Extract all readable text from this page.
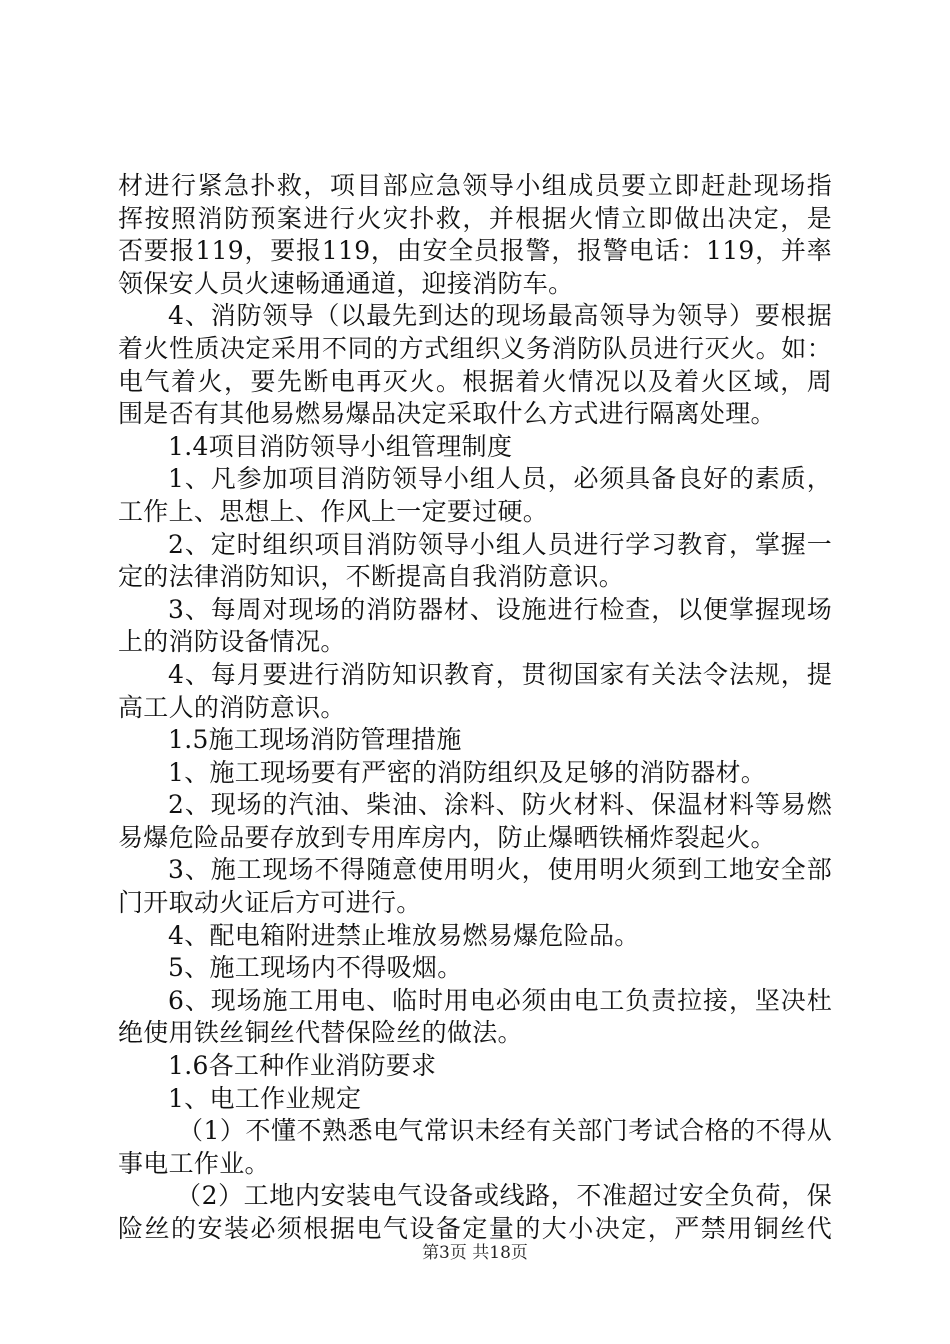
材进行紧急扑救，项目部应急领导小组成员要立即赶赴现场指
挥按照消防预案进行火灾扑救，并根据火情立即做出决定，是
否要报119，要报119，由安全员报警，报警电话：119，并率
领保安人员火速畅通通道，迎接消防车。
4、消防领导（以最先到达的现场最高领导为领导）要根据
着火性质决定采用不同的方式组织义务消防队员进行灭火。如：
电气着火，要先断电再灭火。根据着火情况以及着火区域，周
围是否有其他易燃易爆品决定采取什么方式进行隔离处理。
1.4项目消防领导小组管理制度
1、凡参加项目消防领导小组人员，必须具备良好的素质，
工作上、思想上、作风上一定要过硬。
2、定时组织项目消防领导小组人员进行学习教育，掌握一
定的法律消防知识，不断提高自我消防意识。
3、每周对现场的消防器材、设施进行检查，以便掌握现场
上的消防设备情况。
4、每月要进行消防知识教育，贯彻国家有关法令法规，提
高工人的消防意识。
1.5施工现场消防管理措施
1、施工现场要有严密的消防组织及足够的消防器材。
2、现场的汽油、柴油、涂料、防火材料、保温材料等易燃
易爆危险品要存放到专用库房内，防止爆晒铁桶炸裂起火。
3、施工现场不得随意使用明火，使用明火须到工地安全部
门开取动火证后方可进行。
4、配电箱附进禁止堆放易燃易爆危险品。
5、施工现场内不得吸烟。
6、现场施工用电、临时用电必须由电工负责拉接，坚决杜
绝使用铁丝铜丝代替保险丝的做法。
1.6各工种作业消防要求
1、电工作业规定
（1）不懂不熟悉电气常识未经有关部门考试合格的不得从
事电工作业。
（2）工地内安装电气设备或线路，不准超过安全负荷，保
险丝的安装必须根据电气设备定量的大小决定，严禁用铜丝代
第3页 共18页
